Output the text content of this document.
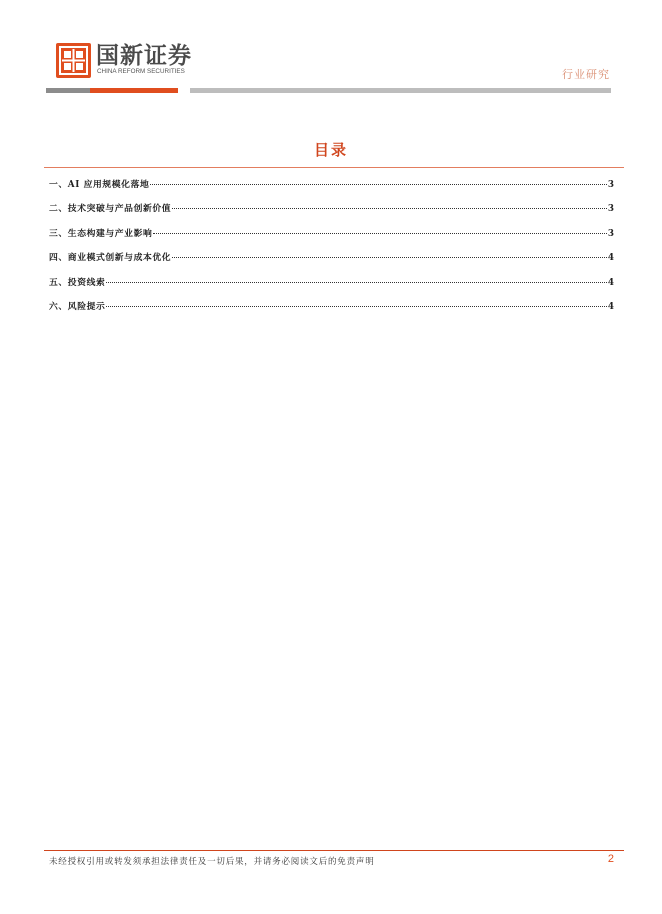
国新证券
CHINA REFORM SECURITIES	行业研究
目录
一、AI 应用规模化落地	3
二、技术突破与产品创新价值	3
三、生态构建与产业影响	3
四、商业模式创新与成本优化	4
五、投资线索	4
六、风险提示	4
未经授权引用或转发须承担法律责任及一切后果，并请务必阅读文后的免责声明	2
